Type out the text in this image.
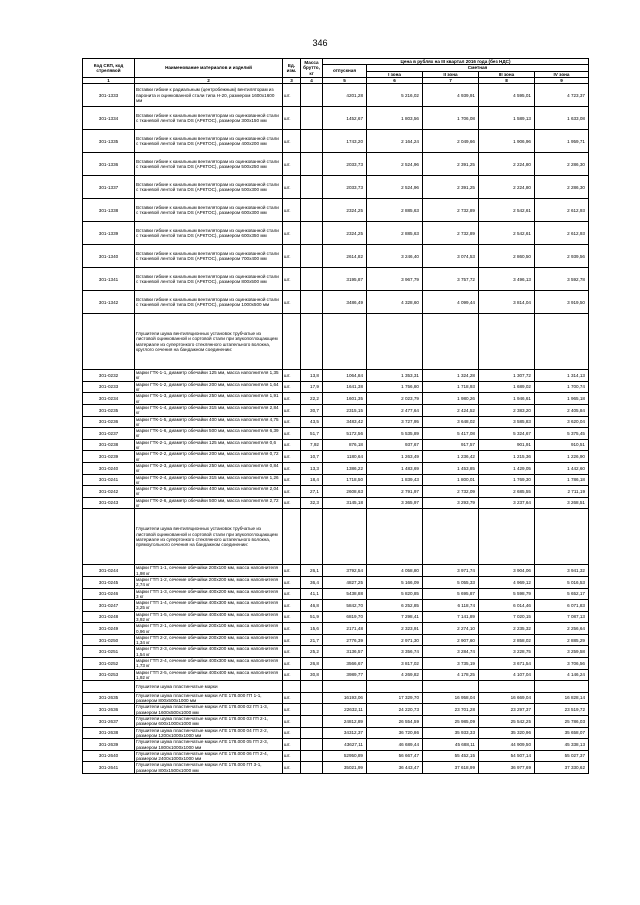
346
Код СКП, код стрелявой	Наименование материалов и изделий	Ед. изм.	Масса брутто, кг	Цена в рублях на III квартал 2016 года (без НДС)				
				отпускная	Сметная			
					I зона	II зона	III зона	IV зона
1	2	3	4	5	6	7	8	9
301-1333	Вставки гибкие к радиальным (центробежным) вентиляторам из паронита и оцинкованной стали типа Н-20, размером 1600х1600 мм	шт.		4201,28	5 216,02	4 939,91	4 595,01	4 723,37
301-1334	Вставки гибкие к канальным вентиляторам из оцинкованной стали с тканевой лентой типа DS (АРКТОС), размером 300х150 мм	шт.		1452,67	1 803,56	1 706,08	1 589,13	1 633,08
301-1335	Вставки гибкие к канальным вентиляторам из оцинкованной стали с тканевой лентой типа DS (АРКТОС), размером 400х200 мм	шт.		1743,20	2 164,24	2 049,66	1 906,96	1 959,71
301-1336	Вставки гибкие к канальным вентиляторам из оцинкованной стали с тканевой лентой типа DS (АРКТОС), размером 500х250 мм	шт.		2033,73	2 524,96	2 391,25	2 224,80	2 286,30
301-1337	Вставки гибкие к канальным вентиляторам из оцинкованной стали с тканевой лентой типа DS (АРКТОС), размером 500х300 мм	шт.		2033,73	2 524,96	2 391,25	2 224,80	2 286,30
301-1338	Вставки гибкие к канальным вентиляторам из оцинкованной стали с тканевой лентой типа DS (АРКТОС), размером 600х300 мм	шт.		2324,25	2 885,63	2 732,89	2 542,61	2 612,93
301-1339	Вставки гибкие к канальным вентиляторам из оцинкованной стали с тканевой лентой типа DS (АРКТОС), размером 600х350 мм	шт.		2324,25	2 885,63	2 732,89	2 542,61	2 612,93
301-1340	Вставки гибкие к канальным вентиляторам из оцинкованной стали с тканевой лентой типа DS (АРКТОС), размером 700х400 мм	шт.		2614,82	3 246,40	3 074,53	2 860,50	2 939,56
301-1341	Вставки гибкие к канальным вентиляторам из оцинкованной стали с тканевой лентой типа DS (АРКТОС), размером 800х500 мм	шт.		3195,87	3 967,79	3 757,72	3 496,13	3 592,78
301-1342	Вставки гибкие к канальным вентиляторам из оцинкованной стали с тканевой лентой типа DS (АРКТОС), размером 1000х500 мм	шт.		3486,49	4 328,60	4 099,44	3 814,04	3 919,50
	Глушители шума вентиляционных установок трубчатые из листовой оцинкованной и сортовой стали при звукопоглощающем материале из супертонкого стеклянного штапельного волокна, круглого сечения на бандажном соединении:							
301-0232	марки ГТК-1-1, диаметр обечайки 125 мм, масса наполнителя 1,35 кг	шт.	13,8	1064,84	1 353,31	1 324,28	1 307,72	1 314,13
301-0233	марки ГТК-1-2, диаметр обечайки 200 мм, масса наполнителя 1,64 кг	шт.	17,9	1641,38	1 756,80	1 718,93	1 689,02	1 700,74
301-0234	марки ГТК-1-3, диаметр обечайки 250 мм, масса наполнителя 1,91 кг	шт.	22,2	1601,35	2 023,79	1 980,26	1 946,61	1 965,18
301-0235	марки ГТК-1-4, диаметр обечайки 315 мм, масса наполнителя 2,84 кг	шт.	30,7	2315,15	2 477,64	2 424,52	2 383,20	2 405,84
301-0236	марки ГТК-1-5, диаметр обечайки 400 мм, масса наполнителя 4,75 кг	шт.	43,5	3483,42	3 727,95	3 648,02	3 585,83	3 620,04
301-0237	марки ГТК-1-6, диаметр обечайки 500 мм, масса наполнителя 6,39 кг	шт.	51,7	5172,56	5 535,89	5 417,08	5 324,67	5 375,45
301-0238	марки ГТК-2-1, диаметр обечайки 125 мм, масса наполнителя 0,6 кг	шт.	7,92	876,18	937,67	917,57	901,91	910,51
301-0239	марки ГТК-2-2, диаметр обечайки 200 мм, масса наполнителя 0,72 кг	шт.	10,7	1180,64	1 263,49	1 236,42	1 215,36	1 226,90
301-0240	марки ГТК-2-3, диаметр обечайки 250 мм, масса наполнителя 0,84 кг	шт.	13,3	1386,22	1 483,69	1 453,85	1 429,05	1 442,60
301-0241	марки ГТК-2-4, диаметр обечайки 315 мм, масса наполнителя 1,26 кг	шт.	18,4	1718,50	1 839,43	1 800,01	1 769,30	1 786,18
301-0242	марки ГТК-2-5, диаметр обечайки 400 мм, масса наполнителя 2,04 кг	шт.	27,1	2608,63	2 791,97	2 732,09	2 685,55	2 711,19
301-0243	марки ГТК-2-6, диаметр обечайки 500 мм, масса наполнителя 2,72 кг	шт.	32,3	3145,18	3 365,97	3 293,79	3 237,64	3 268,51
	Глушители шума вентиляционных установок трубчатые из листовой оцинкованной и сортовой стали при звукопоглощающем материале из супертонкого стеклянного штапельного волокна, прямоугольного сечения на бандажном соединении:							
301-0244	марки ГТП 1-1, сечение обечайки 200х100 мм, масса наполнителя 1,98 кг	шт.	26,1	3792,54	4 058,80	3 971,74	3 904,06	3 941,32
301-0245	марки ГТП 1-2, сечение обечайки 200х200 мм, масса наполнителя 2,74 кг	шт.	36,4	4827,25	5 166,09	5 055,33	4 969,12	5 016,53
301-0246	марки ГТП 1-3, сечение обечайки 400х200 мм, масса наполнителя 3 кг	шт.	41,1	5438,88	5 820,85	5 695,87	5 598,79	5 652,17
301-0247	марки ГТП 1-4, сечение обечайки 400х300 мм, масса наполнителя 3,25 кг	шт.	46,8	5842,70	6 252,85	6 118,74	6 014,46	6 071,83
301-0248	марки ГТП 1-5, сечение обечайки 400х400 мм, масса наполнителя 3,92 кг	шт.	51,9	6819,70	7 298,41	7 141,89	7 020,15	7 087,13
301-0249	марки ГТП 2-1, сечение обечайки 200х100 мм, масса наполнителя 0,96 кг	шт.	15,6	2171,48	2 323,91	2 274,10	2 235,32	2 256,64
301-0250	марки ГТП 2-2, сечение обечайки 200х200 мм, масса наполнителя 1,34 кг	шт.	21,7	2776,39	2 971,30	2 907,60	2 858,02	2 885,29
301-0251	марки ГТП 2-3, сечение обечайки 400х200 мм, масса наполнителя 1,54 кг	шт.	25,2	3136,57	3 356,74	3 284,74	3 228,75	3 259,58
301-0252	марки ГТП 2-4, сечение обечайки 400х300 мм, масса наполнителя 1,73 кг	шт.	26,8	3566,67	3 817,02	3 735,19	3 671,54	3 706,56
301-0253	марки ГТП 2-5, сечение обечайки 400х400 мм, масса наполнителя 1,92 кг	шт.	30,8	3989,77	4 269,82	4 178,25	4 107,04	4 146,24
	Глушители шума пластинчатые марки							
301-2635	Глушители шума пластинчатые марки АГЕ 178.000 ГП 1-1, размером 800х500х1000 мм	шт.		16193,06	17 329,70	16 958,04	16 669,04	16 828,14
301-2636	Глушители шума пластинчатые марки АГЕ 178.000 02 ГП 1-3, размером 1600х500х1000 мм	шт.		22632,11	24 220,73	23 701,28	23 297,37	23 519,72
301-2637	Глушители шума пластинчатые марки АГЕ 178.000 03 ГП 2-1, размером 600х1000х1000 мм	шт.		24812,89	26 554,59	25 985,09	25 542,25	25 786,03
301-2638	Глушители шума пластинчатые марки АГЕ 178.000 04 ГП 2-2, размером 1200х1000х1000 мм	шт.		34312,37	36 720,86	35 933,33	35 320,96	35 658,07
301-2639	Глушители шума пластинчатые марки АГЕ 178.000 05 ГП 2-3, размером 1800х1000х1000 мм	шт.		43627,11	46 689,44	45 688,11	44 909,50	45 338,13
301-2640	Глушители шума пластинчатые марки АГЕ 178.000 06 ГП 2-4, размером 2400х1000х1000 мм	шт.		52950,89	56 667,47	55 452,15	54 507,14	55 027,37
301-2641	Глушители шума пластинчатые марки АГЕ 178.000 ГП 3-1, размером 800х1500х1000 мм	шт.		35021,99	36 443,47	37 618,99	36 977,69	37 330,62
